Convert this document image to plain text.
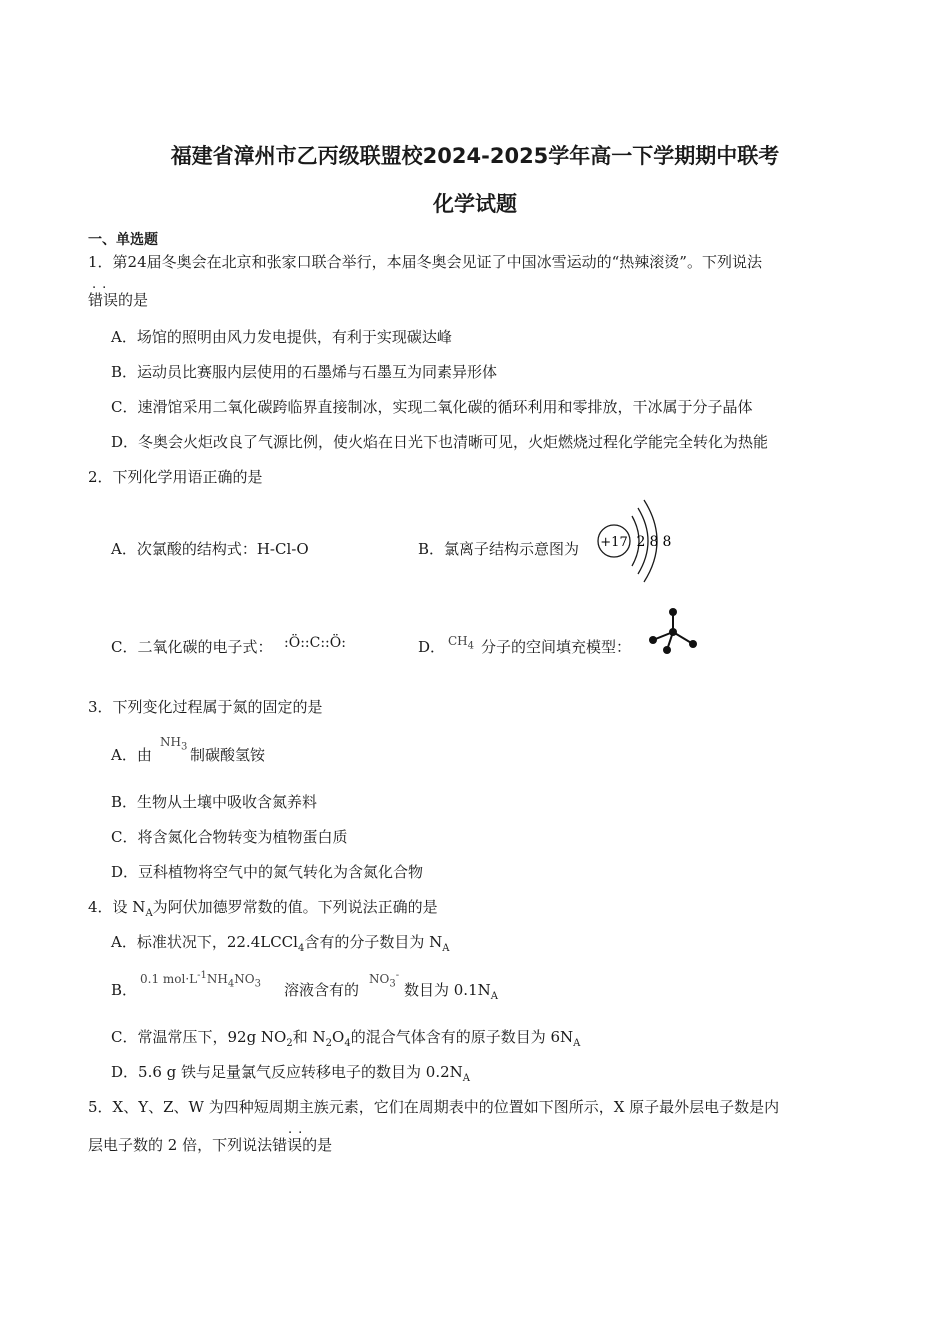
福建省漳州市乙丙级联盟校2024-2025学年高一下学期期中联考
化学试题
一、单选题
1．第24届冬奥会在北京和张家口联合举行，本届冬奥会见证了中国冰雪运动的“热辣滚烫”。下列说法
..
错误的是
A．场馆的照明由风力发电提供，有利于实现碳达峰
B．运动员比赛服内层使用的石墨烯与石墨互为同素异形体
C．速滑馆采用二氧化碳跨临界直接制冰，实现二氧化碳的循环利用和零排放，干冰属于分子晶体
D．冬奥会火炬改良了气源比例，使火焰在日光下也清晰可见，火炬燃烧过程化学能完全转化为热能
2．下列化学用语正确的是
A．次氯酸的结构式：H-Cl-O	B．氯离子结构示意图为 +17 2 8 8
C．二氧化碳的电子式： :Ö::C::Ö:	D． $CH_4$ 分子的空间填充模型：
3．下列变化过程属于氮的固定的是
A．由
$NH_3$ 制碳酸氢铵
B．生物从土壤中吸收含氮养料
C．将含氮化合物转变为植物蛋白质
D．豆科植物将空气中的氮气转化为含氮化合物
4．设 $N_A$为阿伏加德罗常数的值。下列说法正确的是
A．标准状况下，22.4LCCl$_4$含有的分子数目为 $N_A$
B．
0.1 $mol\cdot L^{-1}NH_4NO_3$ 溶液含有的
$NO_3^-$
数目为 $0.1N_A$
C．常温常压下，92g $NO_2$和 $N_2O_4$的混合气体含有的原子数目为 $6N_A$
D．5.6 g 铁与足量氯气反应转移电子的数目为 $0.2N_A$
5．X、Y、Z、W 为四种短周期主族元素，它们在周期表中的位置如下图所示，X 原子最外层电子数是内
..
层电子数的 2 倍，下列说法错误的是
